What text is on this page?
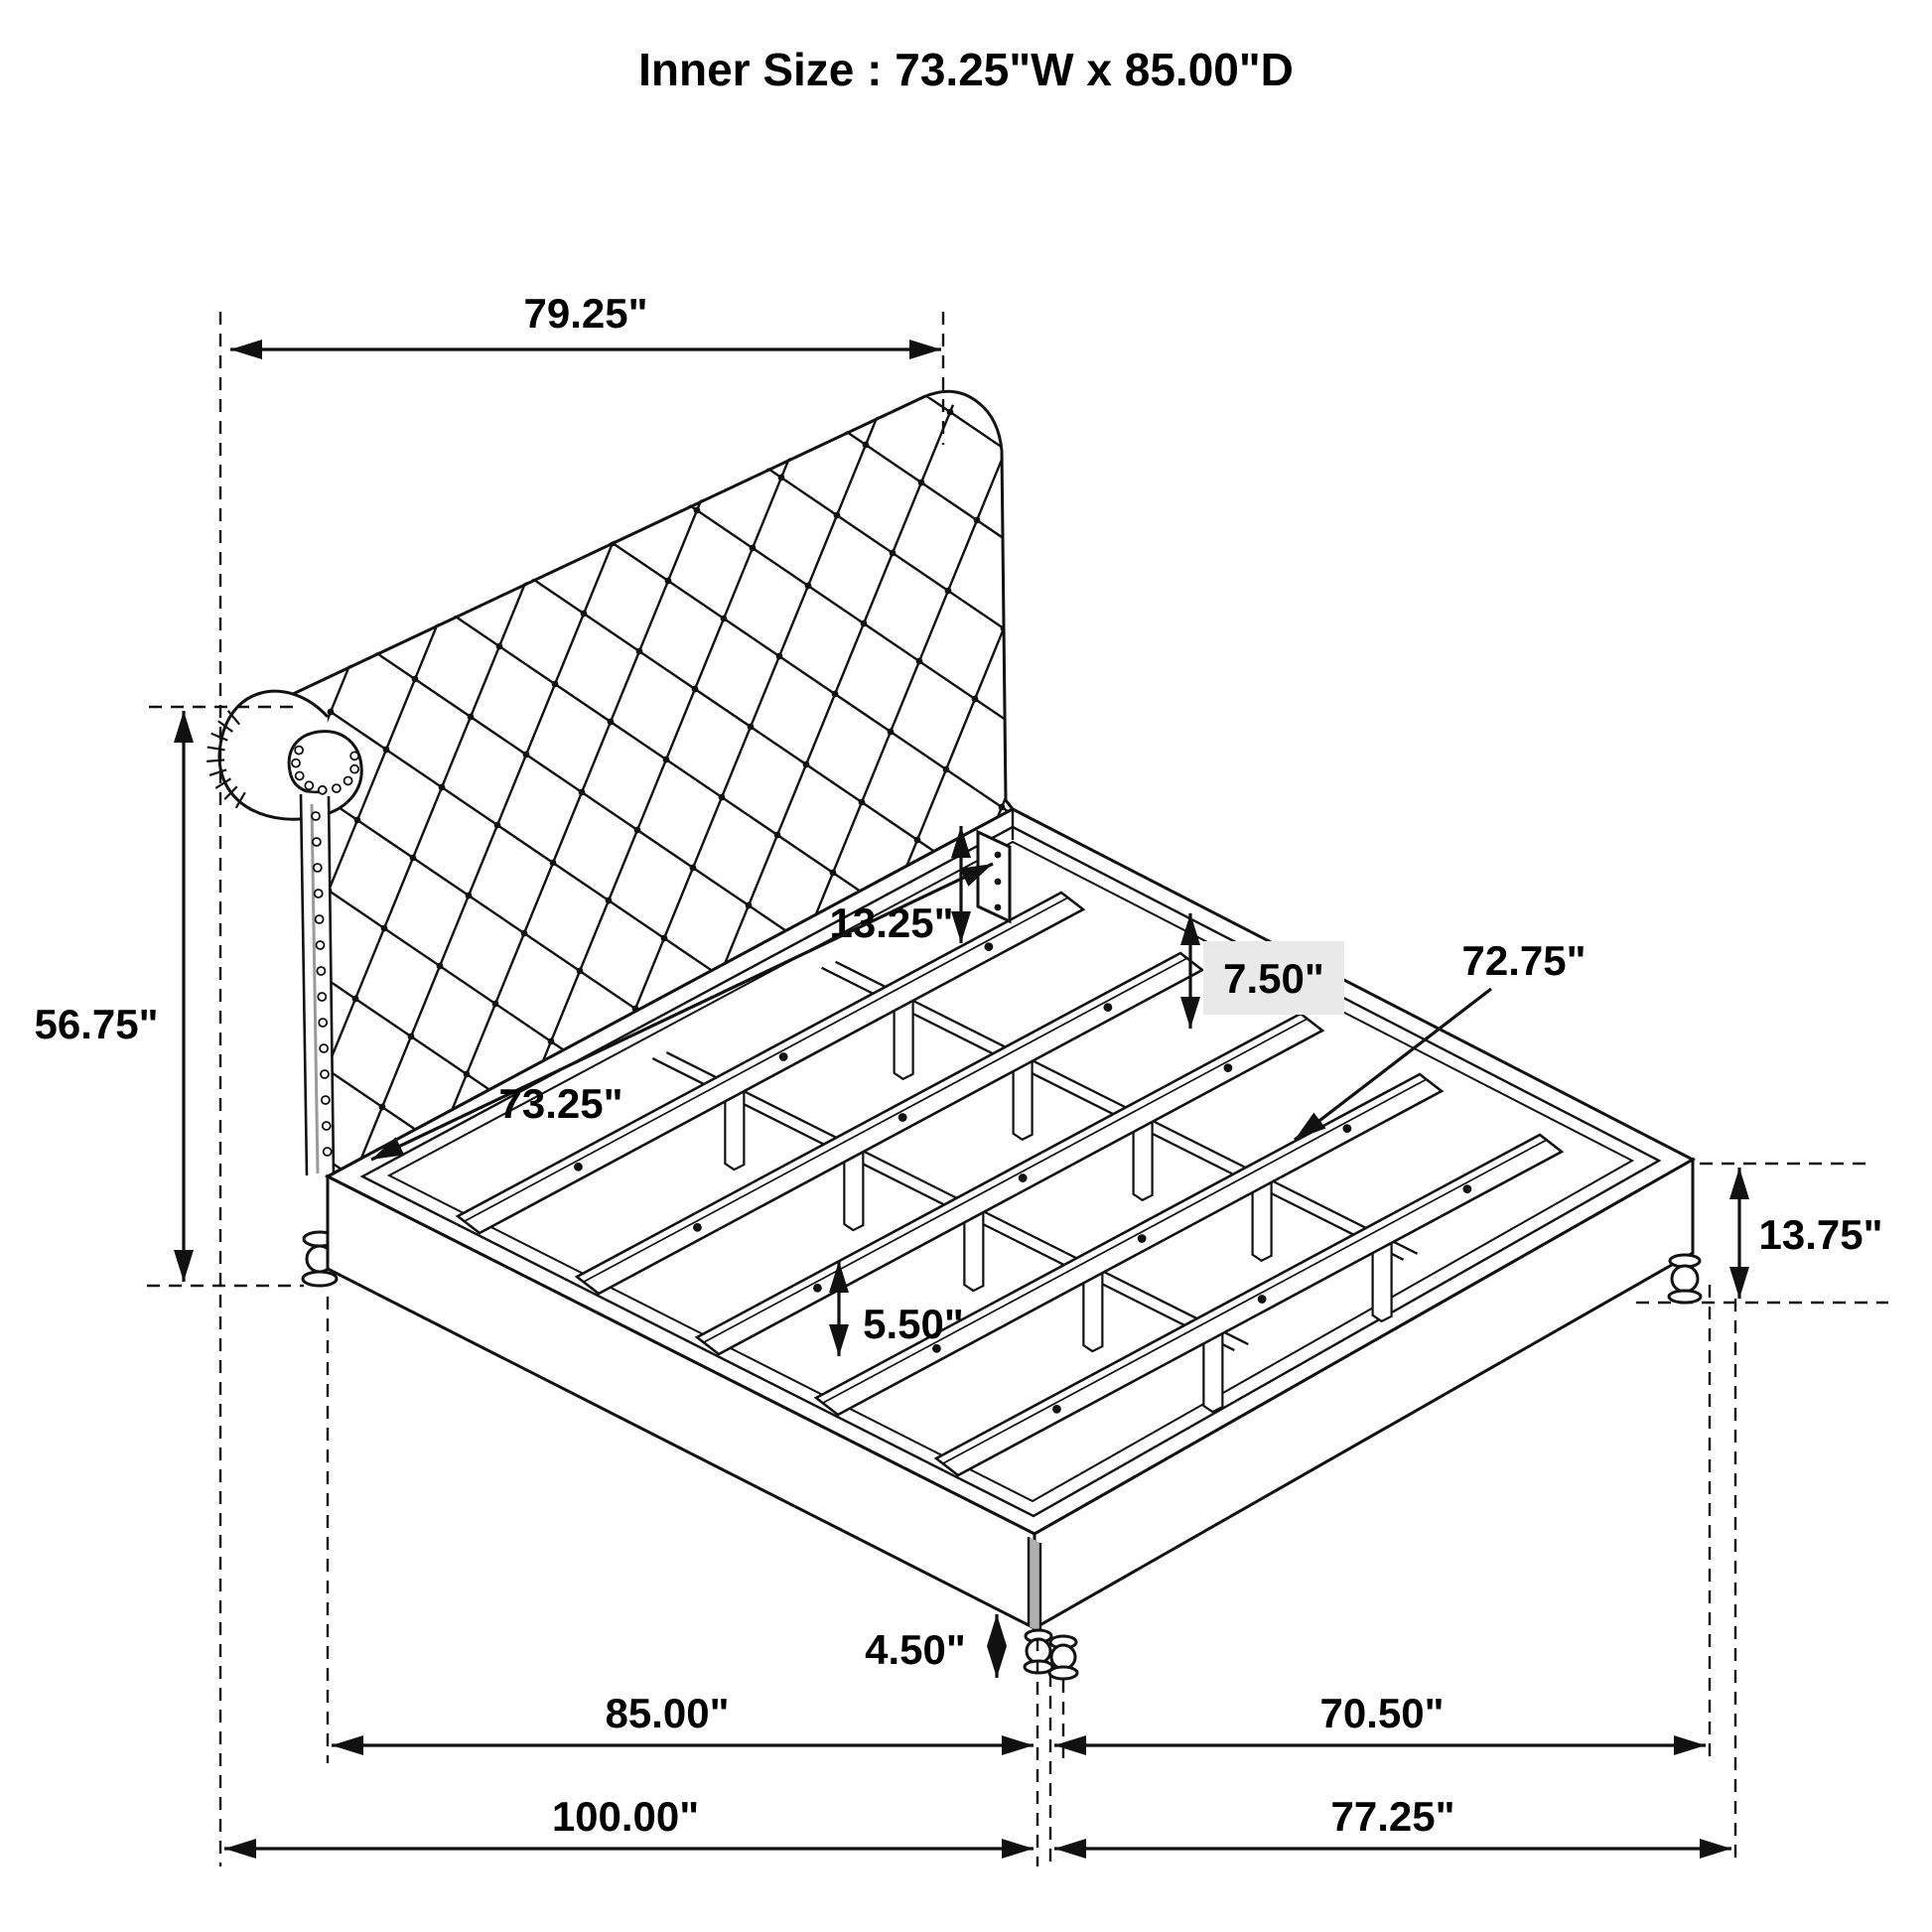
Inner Size : 73.25"W x 85.00"D
79.25"
56.75"
13.25"
7.50"	72.75"
73.25"
5.50"
13.75"
4.50"
85.00"	70.50"
100.00"	77.25"
